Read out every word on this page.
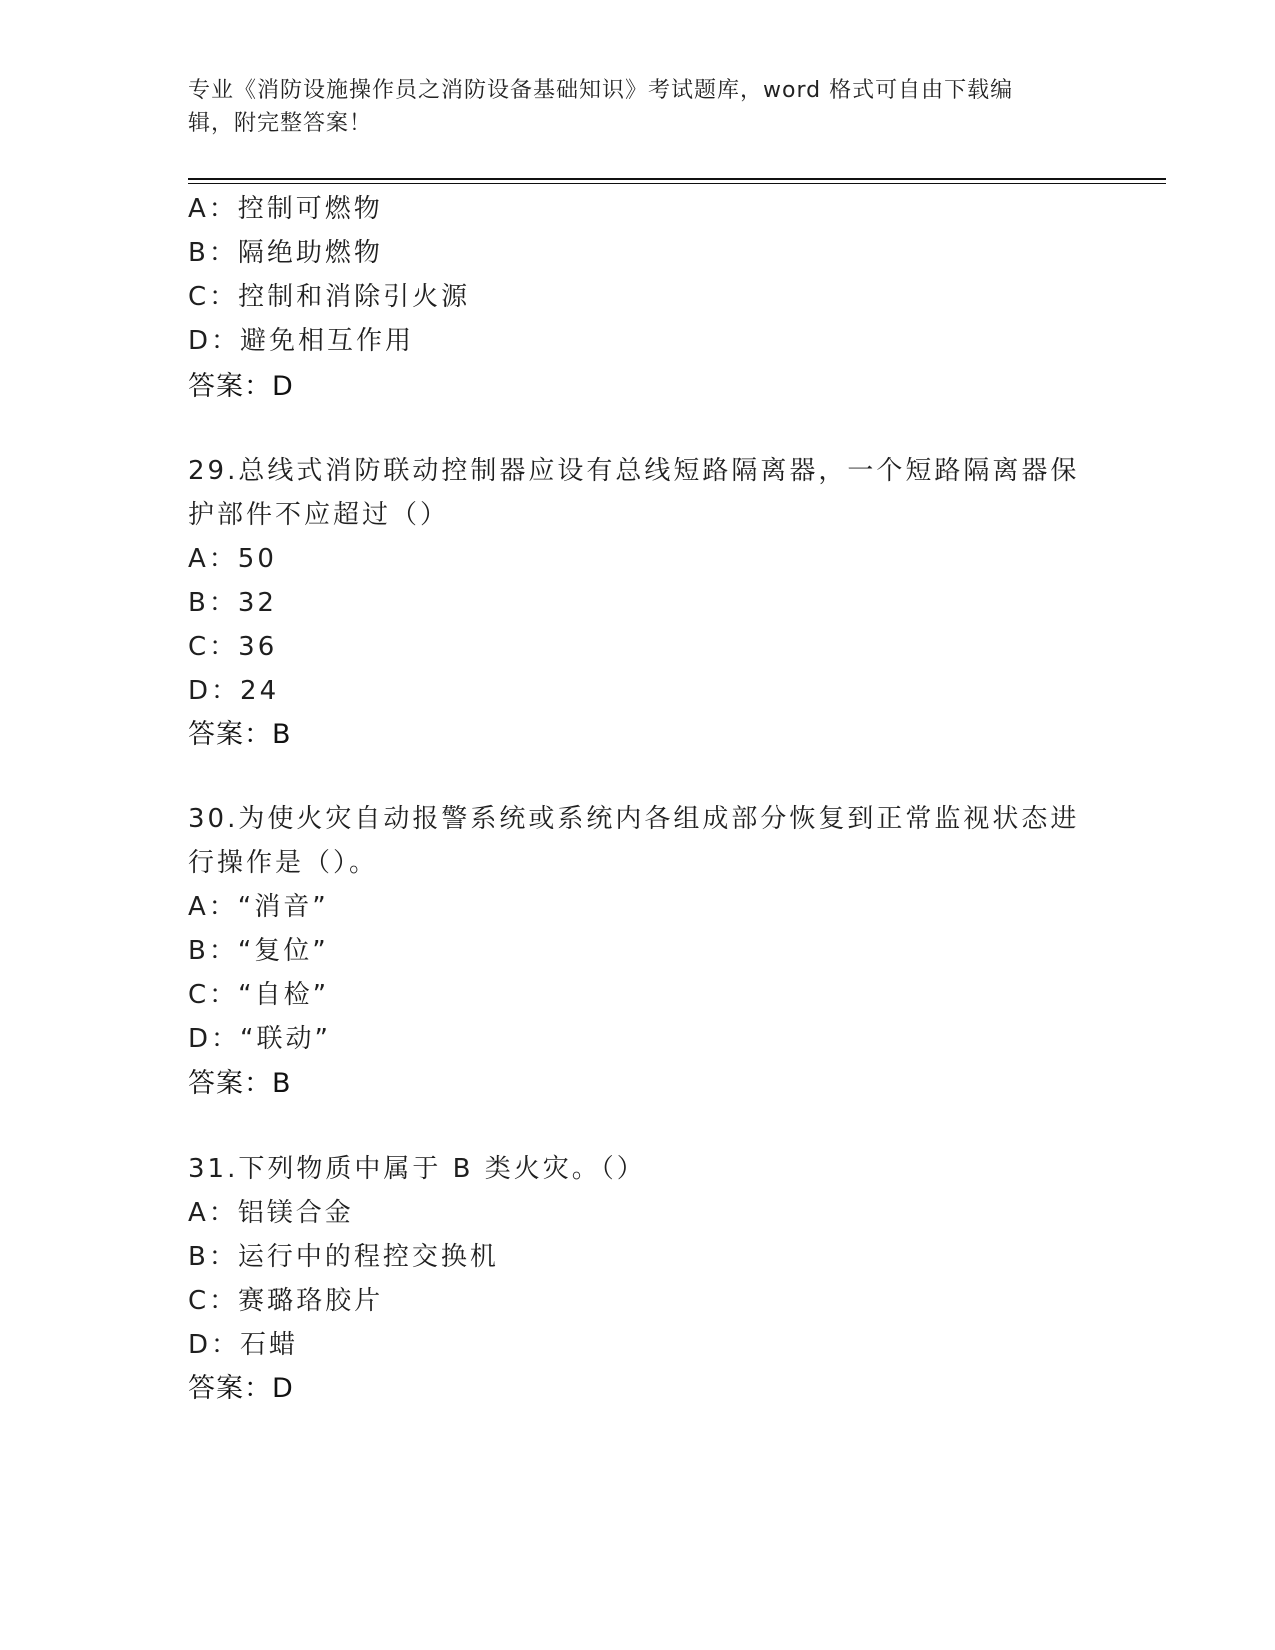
专业《消防设施操作员之消防设备基础知识》考试题库，word 格式可自由下载编
辑，附完整答案！
A：控制可燃物
B：隔绝助燃物
C：控制和消除引火源
D：避免相互作用
答案：D
29.总线式消防联动控制器应设有总线短路隔离器，一个短路隔离器保
护部件不应超过（）
A：50
B：32
C：36
D：24
答案：B
30.为使火灾自动报警系统或系统内各组成部分恢复到正常监视状态进
行操作是（）。
A：“消音”
B：“复位”
C：“自检”
D：“联动”
答案：B
31.下列物质中属于 B 类火灾。（）
A：铝镁合金
B：运行中的程控交换机
C：赛璐珞胶片
D：石蜡
答案：D
